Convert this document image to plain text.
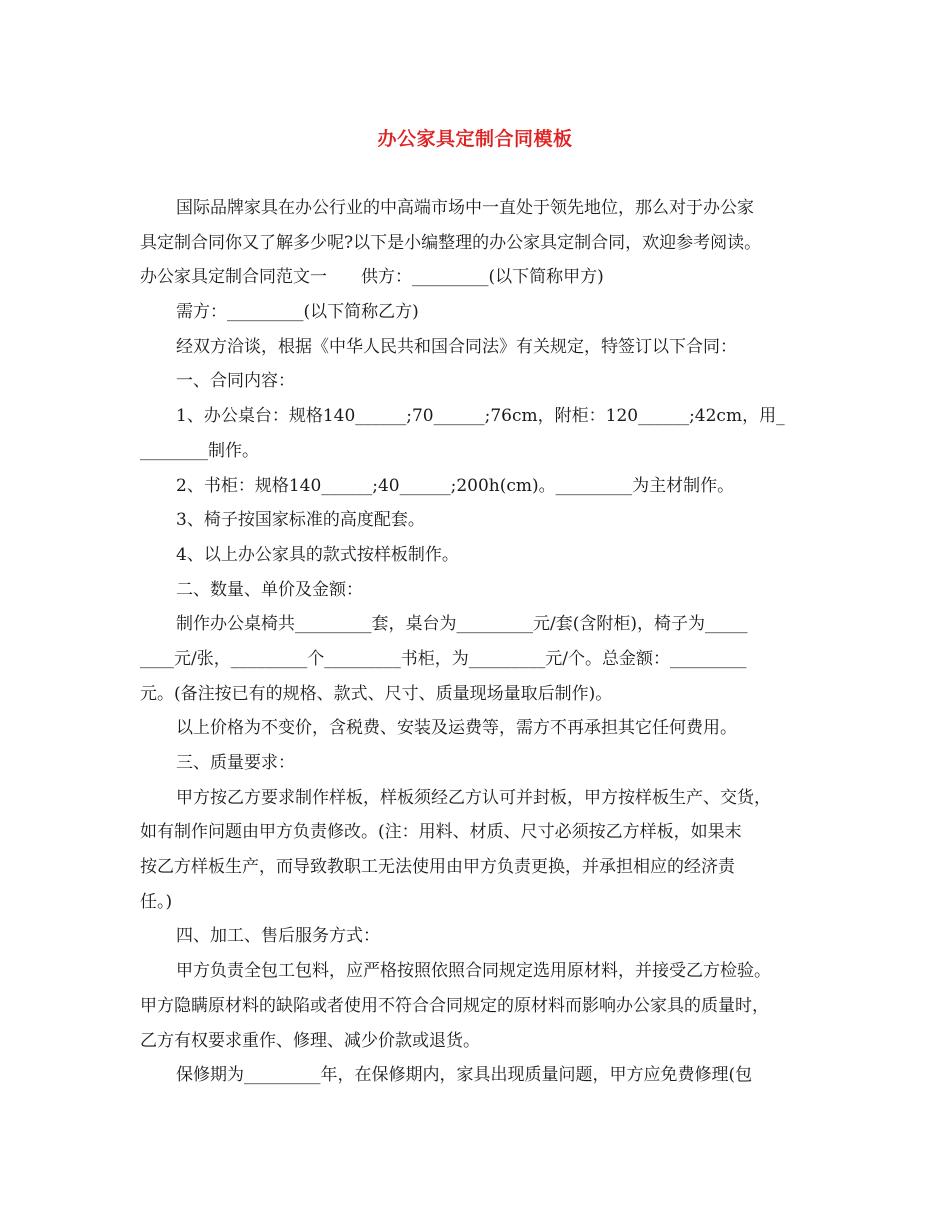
办公家具定制合同模板
国际品牌家具在办公行业的中高端市场中一直处于领先地位，那么对于办公家
具定制合同你又了解多少呢?以下是小编整理的办公家具定制合同，欢迎参考阅读。
办公家具定制合同范文一　　供方：_________(以下简称甲方)
需方：_________(以下简称乙方)
经双方洽谈，根据《中华人民共和国合同法》有关规定，特签订以下合同：
一、合同内容：
1、办公桌台：规格140______;70______;76cm，附柜：120______;42cm，用_
________制作。
2、书柜：规格140______;40______;200h(cm)。_________为主材制作。
3、椅子按国家标准的高度配套。
4、以上办公家具的款式按样板制作。
二、数量、单价及金额：
制作办公桌椅共_________套，桌台为_________元/套(含附柜)，椅子为_____
____元/张，_________个_________书柜，为_________元/个。总金额：_________
元。(备注按已有的规格、款式、尺寸、质量现场量取后制作)。
以上价格为不变价，含税费、安装及运费等，需方不再承担其它任何费用。
三、质量要求：
甲方按乙方要求制作样板，样板须经乙方认可并封板，甲方按样板生产、交货，
如有制作问题由甲方负责修改。(注：用料、材质、尺寸必须按乙方样板，如果末
按乙方样板生产，而导致教职工无法使用由甲方负责更换，并承担相应的经济责
任。)
四、加工、售后服务方式：
甲方负责全包工包料，应严格按照依照合同规定选用原材料，并接受乙方检验。
甲方隐瞒原材料的缺陷或者使用不符合合同规定的原材料而影响办公家具的质量时，
乙方有权要求重作、修理、减少价款或退货。
保修期为_________年，在保修期内，家具出现质量问题，甲方应免费修理(包
